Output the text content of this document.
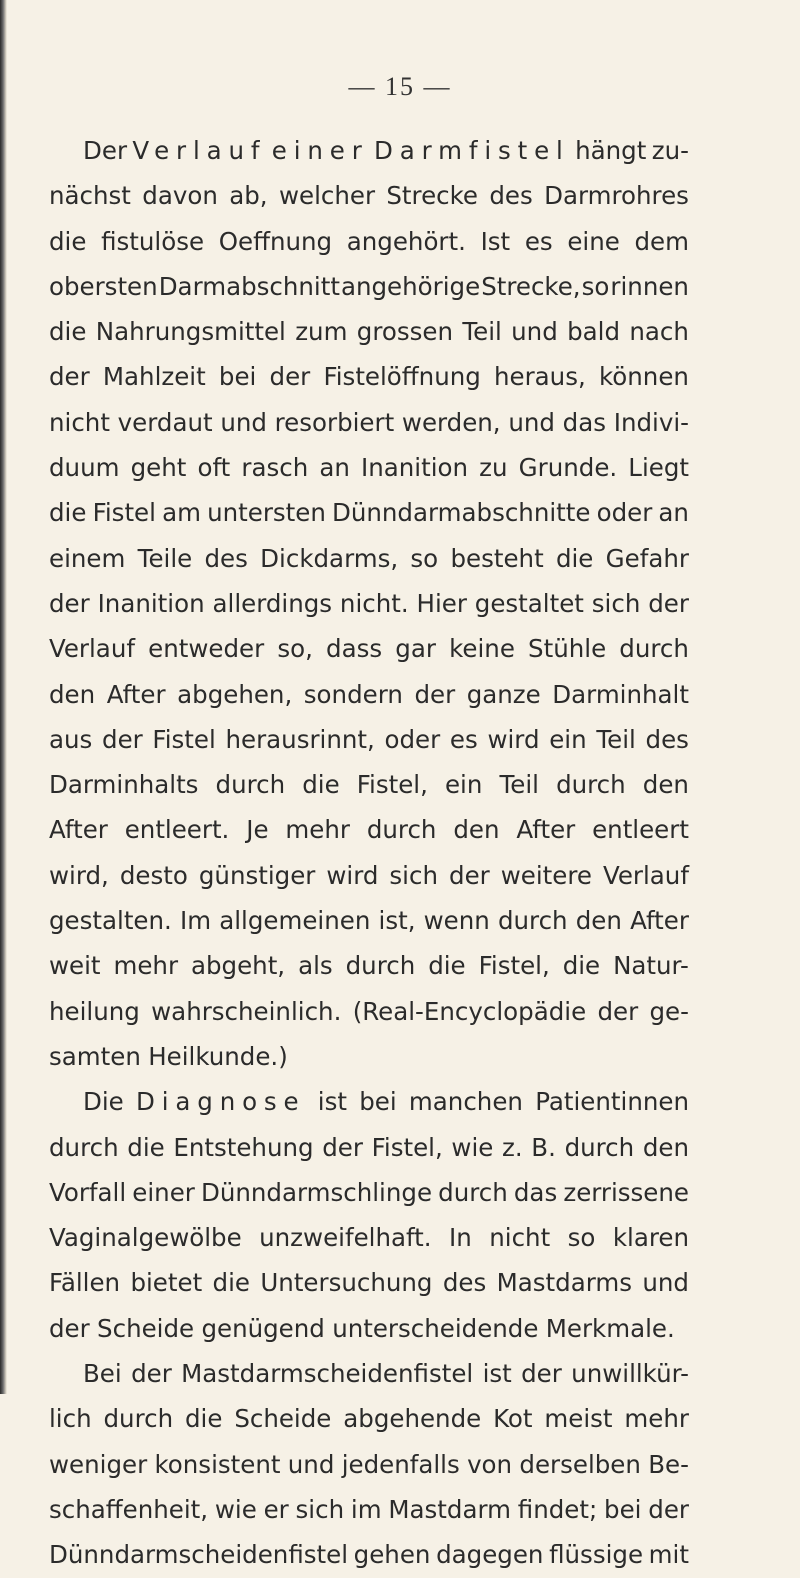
— 15 —
Der Verlauf einer Darmfistel hängt zu-
nächst davon ab, welcher Strecke des Darmrohres
die fistulöse Oeffnung angehört. Ist es eine dem
obersten Darmabschnitt angehörige Strecke, so rinnen
die Nahrungsmittel zum grossen Teil und bald nach
der Mahlzeit bei der Fistelöffnung heraus, können
nicht verdaut und resorbiert werden, und das Indivi-
duum geht oft rasch an Inanition zu Grunde. Liegt
die Fistel am untersten Dünndarmabschnitte oder an
einem Teile des Dickdarms, so besteht die Gefahr
der Inanition allerdings nicht. Hier gestaltet sich der
Verlauf entweder so, dass gar keine Stühle durch
den After abgehen, sondern der ganze Darminhalt
aus der Fistel herausrinnt, oder es wird ein Teil des
Darminhalts durch die Fistel, ein Teil durch den
After entleert. Je mehr durch den After entleert
wird, desto günstiger wird sich der weitere Verlauf
gestalten. Im allgemeinen ist, wenn durch den After
weit mehr abgeht, als durch die Fistel, die Natur-
heilung wahrscheinlich. (Real-Encyclopädie der ge-
samten Heilkunde.)
Die Diagnose ist bei manchen Patientinnen
durch die Entstehung der Fistel, wie z. B. durch den
Vorfall einer Dünndarmschlinge durch das zerrissene
Vaginalgewölbe unzweifelhaft. In nicht so klaren
Fällen bietet die Untersuchung des Mastdarms und
der Scheide genügend unterscheidende Merkmale.
Bei der Mastdarmscheidenfistel ist der unwillkür-
lich durch die Scheide abgehende Kot meist mehr
weniger konsistent und jedenfalls von derselben Be-
schaffenheit, wie er sich im Mastdarm findet; bei der
Dünndarmscheidenfistel gehen dagegen flüssige mit
